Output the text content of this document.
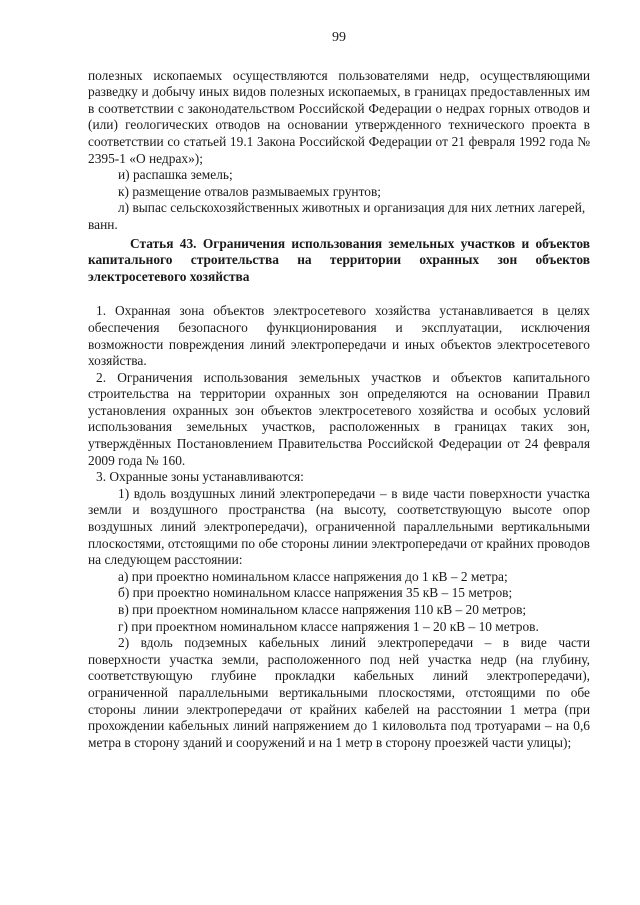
99

полезных ископаемых осуществляются пользователями недр, осуществляющими разведку и добычу иных видов полезных ископаемых, в границах предоставленных им в соответствии с законодательством Российской Федерации о недрах горных отводов и (или) геологических отводов на основании утвержденного технического проекта в соответствии со статьей 19.1 Закона Российской Федерации от 21 февраля 1992 года № 2395-1 «О недрах»);

и) распашка земель;

к) размещение отвалов размываемых грунтов;

л) выпас сельскохозяйственных животных и организация для них летних лагерей, ванн.

Статья 43. Ограничения использования земельных участков и объектов капитального строительства на территории охранных зон объектов электросетевого хозяйства

1. Охранная зона объектов электросетевого хозяйства устанавливается в целях обеспечения безопасного функционирования и эксплуатации, исключения возможности повреждения линий электропередачи и иных объектов электросетевого хозяйства.

2. Ограничения использования земельных участков и объектов капитального строительства на территории охранных зон определяются на основании Правил установления охранных зон объектов электросетевого хозяйства и особых условий использования земельных участков, расположенных в границах таких зон, утверждённых Постановлением Правительства Российской Федерации от 24 февраля 2009 года № 160.

3. Охранные зоны устанавливаются:

1) вдоль воздушных линий электропередачи – в виде части поверхности участка земли и воздушного пространства (на высоту, соответствующую высоте опор воздушных линий электропередачи), ограниченной параллельными вертикальными плоскостями, отстоящими по обе стороны линии электропередачи от крайних проводов на следующем расстоянии:

а) при проектно номинальном классе напряжения до 1 кВ – 2 метра;

б) при проектно номинальном классе напряжения 35 кВ – 15 метров;

в) при проектном номинальном классе напряжения 110 кВ – 20 метров;

г) при проектном номинальном классе напряжения 1 – 20 кВ – 10 метров.

2) вдоль подземных кабельных линий электропередачи – в виде части поверхности участка земли, расположенного под ней участка недр (на глубину, соответствующую глубине прокладки кабельных линий электропередачи), ограниченной параллельными вертикальными плоскостями, отстоящими по обе стороны линии электропередачи от крайних кабелей на расстоянии 1 метра (при прохождении кабельных линий напряжением до 1 киловольта под тротуарами – на 0,6 метра в сторону зданий и сооружений и на 1 метр в сторону проезжей части улицы);
